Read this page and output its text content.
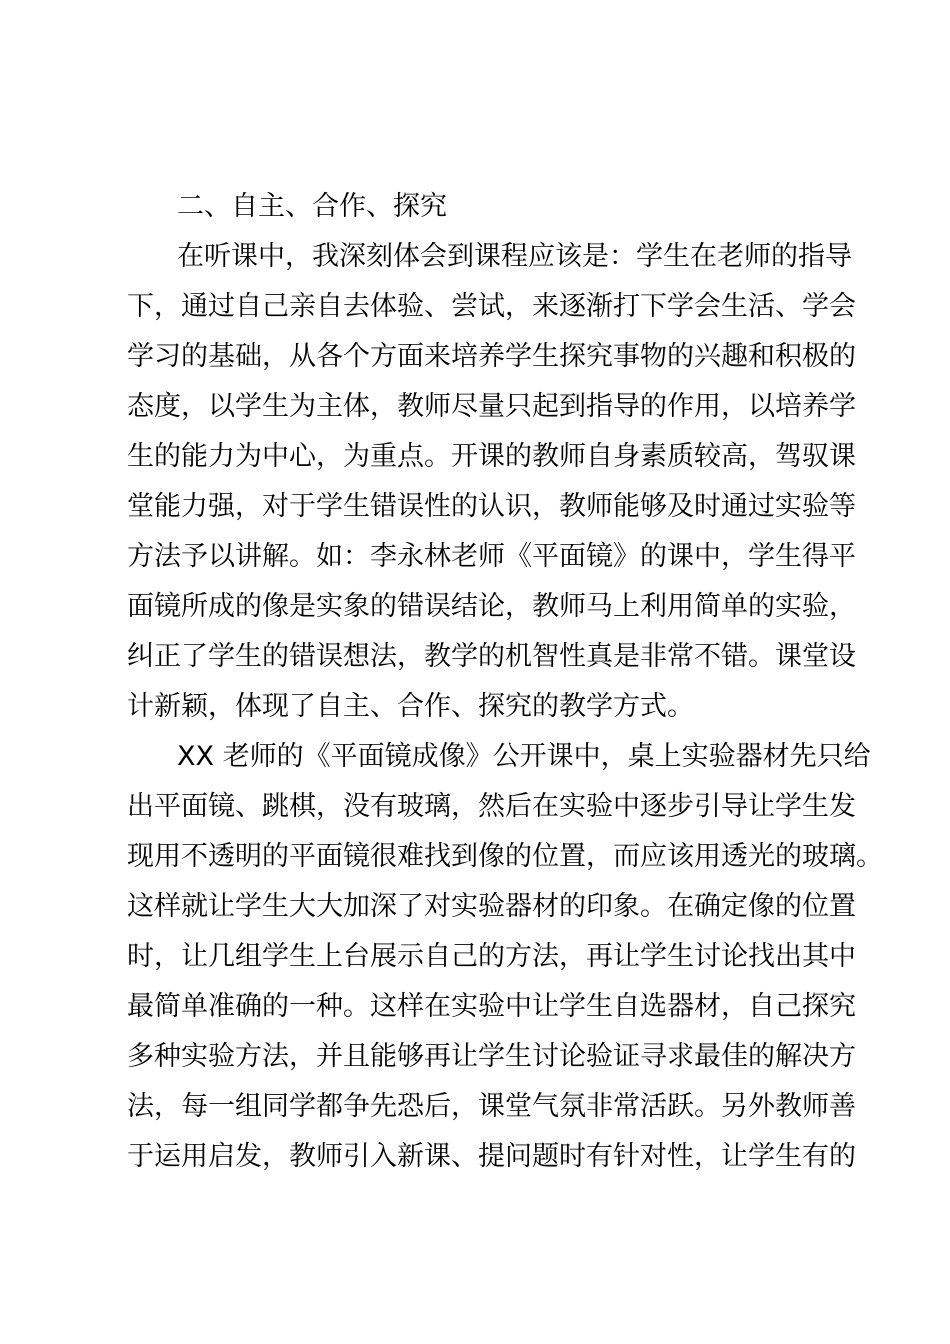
二、自主、合作、探究
在听课中，我深刻体会到课程应该是：学生在老师的指导
下，通过自己亲自去体验、尝试，来逐渐打下学会生活、学会
学习的基础，从各个方面来培养学生探究事物的兴趣和积极的
态度，以学生为主体，教师尽量只起到指导的作用，以培养学
生的能力为中心，为重点。开课的教师自身素质较高，驾驭课
堂能力强，对于学生错误性的认识，教师能够及时通过实验等
方法予以讲解。如：李永林老师《平面镜》的课中，学生得平
面镜所成的像是实象的错误结论，教师马上利用简单的实验，
纠正了学生的错误想法，教学的机智性真是非常不错。课堂设
计新颖，体现了自主、合作、探究的教学方式。
XX 老师的《平面镜成像》公开课中，桌上实验器材先只给
出平面镜、跳棋，没有玻璃，然后在实验中逐步引导让学生发
现用不透明的平面镜很难找到像的位置，而应该用透光的玻璃。
这样就让学生大大加深了对实验器材的印象。在确定像的位置
时，让几组学生上台展示自己的方法，再让学生讨论找出其中
最简单准确的一种。这样在实验中让学生自选器材，自己探究
多种实验方法，并且能够再让学生讨论验证寻求最佳的解决方
法，每一组同学都争先恐后，课堂气氛非常活跃。另外教师善
于运用启发，教师引入新课、提问题时有针对性，让学生有的
